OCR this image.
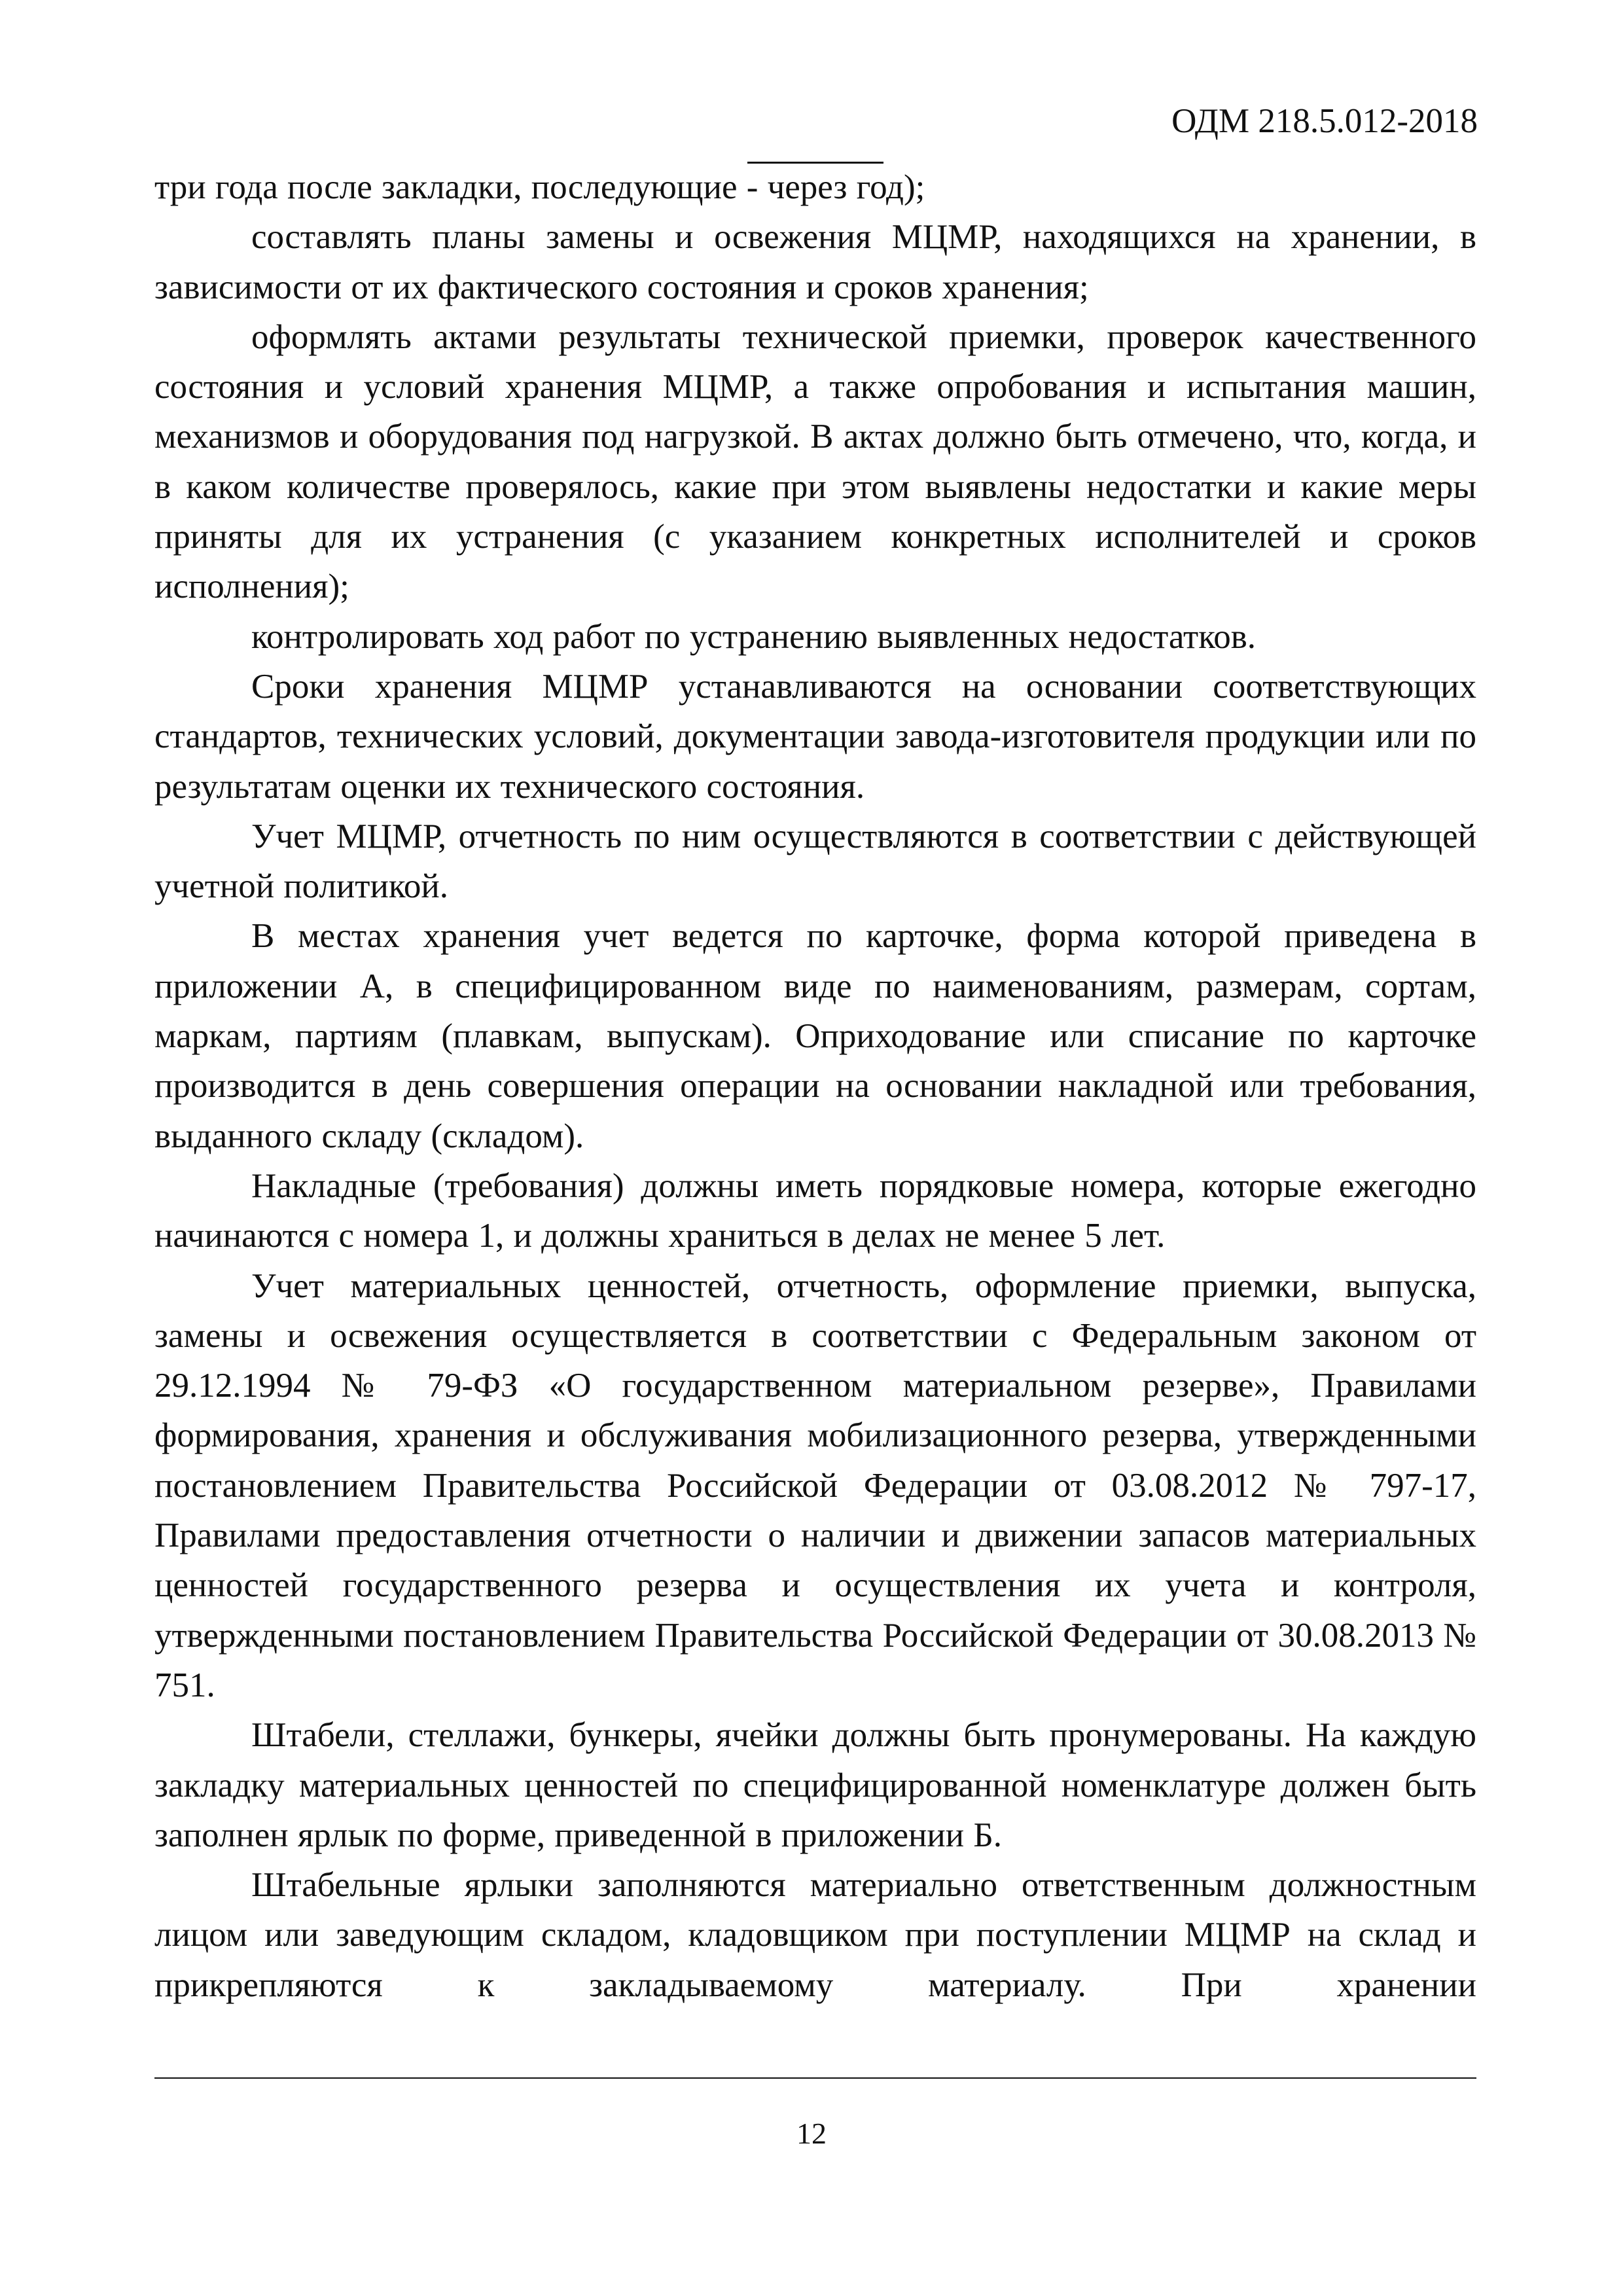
ОДМ 218.5.012-2018

три года после закладки, последующие - через год);

составлять планы замены и освежения МЦМР, находящихся на хранении, в зависимости от их фактического состояния и сроков хранения;

оформлять актами результаты технической приемки, проверок качественного состояния и условий хранения МЦМР, а также опробования и испытания машин, механизмов и оборудования под нагрузкой. В актах должно быть отмечено, что, когда, и в каком количестве проверялось, какие при этом выявлены недостатки и какие меры приняты для их устранения (с указанием конкретных исполнителей и сроков исполнения);

контролировать ход работ по устранению выявленных недостатков.

Сроки хранения МЦМР устанавливаются на основании соответствующих стандартов, технических условий, документации завода-изготовителя продукции или по результатам оценки их технического состояния.

Учет МЦМР, отчетность по ним осуществляются в соответствии с действующей учетной политикой.

В местах хранения учет ведется по карточке, форма которой приведена в приложении А, в специфицированном виде по наименованиям, размерам, сортам, маркам, партиям (плавкам, выпускам). Оприходование или списание по карточке производится в день совершения операции на основании накладной или требования, выданного складу (складом).

Накладные (требования) должны иметь порядковые номера, которые ежегодно начинаются с номера 1, и должны храниться в делах не менее 5 лет.

Учет материальных ценностей, отчетность, оформление приемки, выпуска, замены и освежения осуществляется в соответствии с Федеральным законом от 29.12.1994 № 79-ФЗ «О государственном материальном резерве», Правилами формирования, хранения и обслуживания мобилизационного резерва, утвержденными постановлением Правительства Российской Федерации от 03.08.2012 № 797-17, Правилами предоставления отчетности о наличии и движении запасов материальных ценностей государственного резерва и осуществления их учета и контроля, утвержденными постановлением Правительства Российской Федерации от 30.08.2013 № 751.

Штабели, стеллажи, бункеры, ячейки должны быть пронумерованы. На каждую закладку материальных ценностей по специфицированной номенклатуре должен быть заполнен ярлык по форме, приведенной в приложении Б.

Штабельные ярлыки заполняются материально ответственным должностным лицом или заведующим складом, кладовщиком при поступлении МЦМР на склад и прикрепляются к закладываемому материалу. При хранении

12
